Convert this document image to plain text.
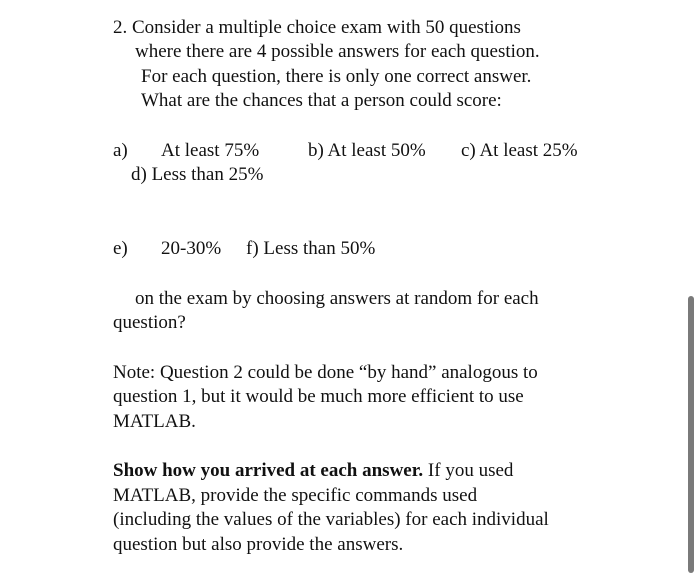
2. Consider a multiple choice exam with 50 questions
where there are 4 possible answers for each question.
For each question, there is only one correct answer.
What are the chances that a person could score:
a) At least 75%	b) At least 50% c) At least 25%
d) Less than 25%
e) 20-30% f) Less than 50%
on the exam by choosing answers at random for each
question?
Note: Question 2 could be done “by hand” analogous to
question 1, but it would be much more efficient to use
MATLAB.
Show how you arrived at each answer. If you used
MATLAB, provide the specific commands used
(including the values of the variables) for each individual
question but also provide the answers.
